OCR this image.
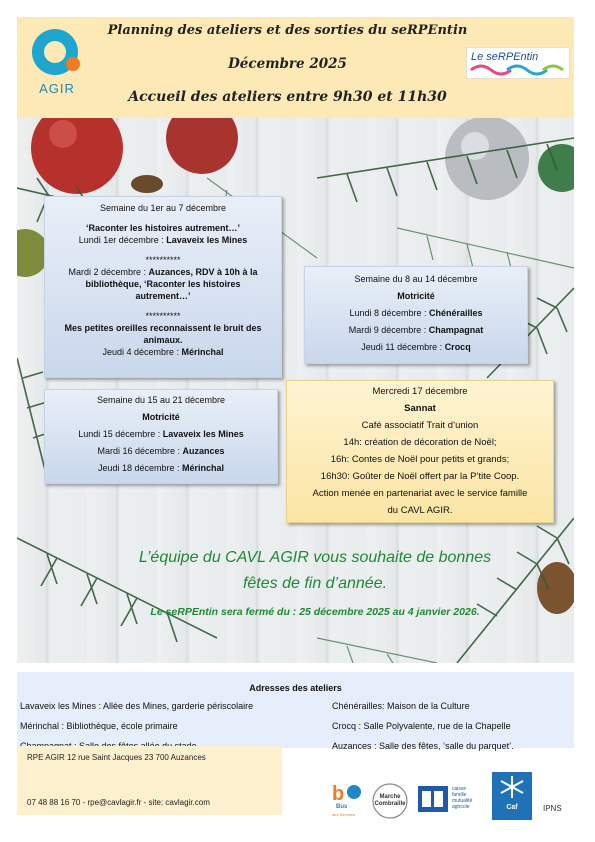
AGIR
Planning des ateliers et des sorties du seRPEntin
Décembre 2025
Accueil des ateliers entre 9h30 et 11h30
Le seRPEntin
Semaine du 1er au 7 décembre
‘Raconter les histoires autrement…’
Lundi 1er décembre : Lavaveix les Mines
**********
Mardi 2 décembre : Auzances, RDV à 10h à la
bibliothèque, ‘Raconter les histoires
autrement…’
**********
Mes petites oreilles reconnaissent le bruit des
animaux.
Jeudi 4 décembre : Mérinchal
Semaine du 8 au 14 décembre
Motricité
Lundi 8 décembre : Chénérailles
Mardi 9 décembre : Champagnat
Jeudi 11 décembre : Crocq
Semaine du 15 au 21 décembre
Motricité
Lundi 15 décembre : Lavaveix les Mines
Mardi 16 décembre : Auzances
Jeudi 18 décembre : Mérinchal
Mercredi 17 décembre
Sannat
Café associatif Trait d’union
14h: création de décoration de Noël;
16h: Contes de Noël pour petits et grands;
16h30: Goûter de Noël offert par la P’tite Coop.
Action menée en partenariat avec le service famille
du CAVL AGIR.
L’équipe du CAVL AGIR vous souhaite de bonnes
fêtes de fin d’année.
Le seRPEntin sera fermé du : 25 décembre 2025 au 4 janvier 2026.
Adresses des ateliers
Lavaveix les Mines : Allée des Mines, garderie périscolaire
Mérinchal : Bibliothèque, école primaire
Chénérailles: Maison de la Culture
Crocq : Salle Polyvalente, rue de la Chapelle
Auzances : Salle des fêtes, ‘salle du parquet’.
RPE AGIR 12 rue Saint Jacques 23 700 Auzances
07 48 88 16 70 - rpe@cavlagir.fr - site: cavlagir.com	b
Bus
des Services
Marche Combraille
caisse
famille
mutualité
agricole	Caf	IPNS
